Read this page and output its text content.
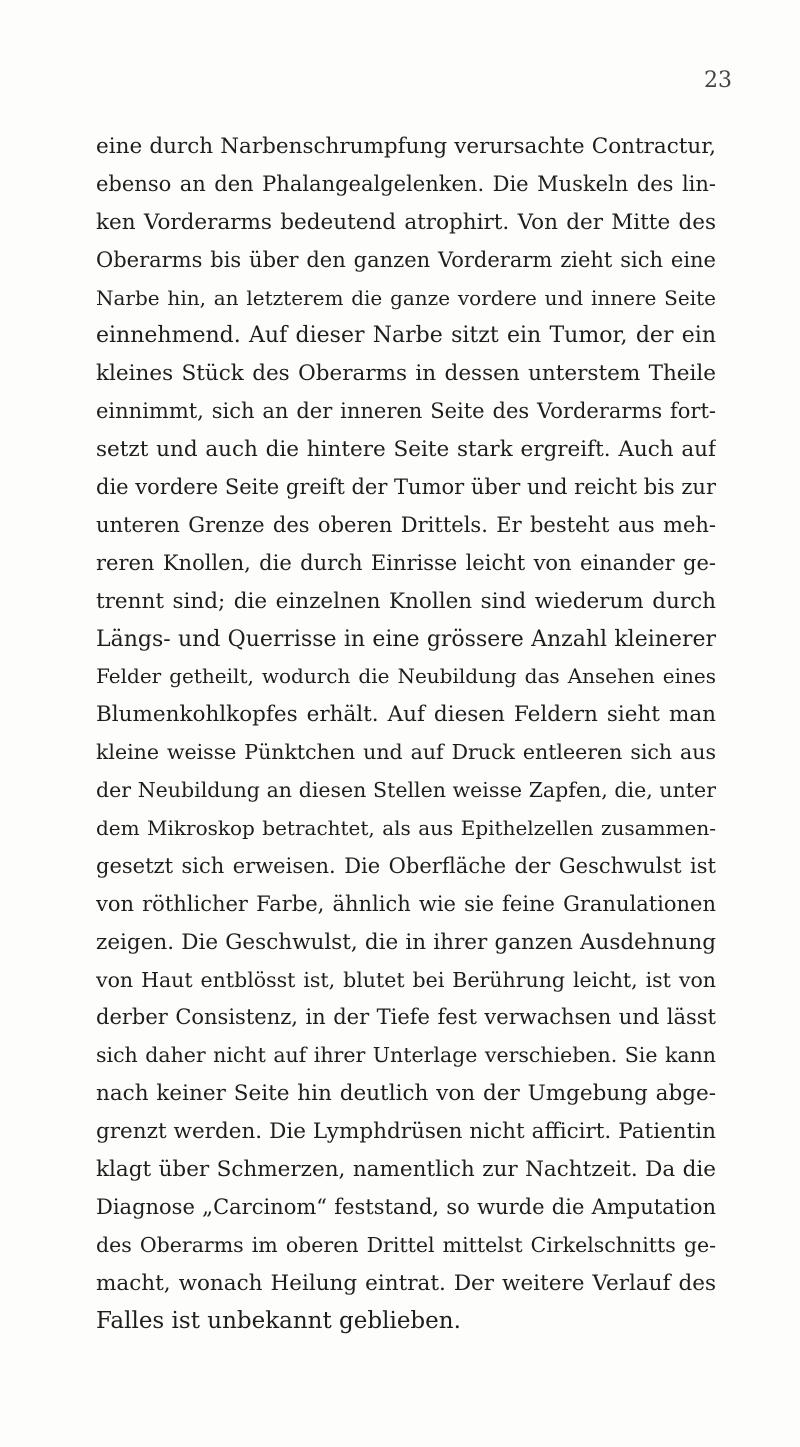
23
eine durch Narbenschrumpfung verursachte Contractur,
ebenso an den Phalangealgelenken. Die Muskeln des lin-
ken Vorderarms bedeutend atrophirt. Von der Mitte des
Oberarms bis über den ganzen Vorderarm zieht sich eine
Narbe hin, an letzterem die ganze vordere und innere Seite
einnehmend. Auf dieser Narbe sitzt ein Tumor, der ein
kleines Stück des Oberarms in dessen unterstem Theile
einnimmt, sich an der inneren Seite des Vorderarms fort-
setzt und auch die hintere Seite stark ergreift. Auch auf
die vordere Seite greift der Tumor über und reicht bis zur
unteren Grenze des oberen Drittels. Er besteht aus meh-
reren Knollen, die durch Einrisse leicht von einander ge-
trennt sind; die einzelnen Knollen sind wiederum durch
Längs- und Querrisse in eine grössere Anzahl kleinerer
Felder getheilt, wodurch die Neubildung das Ansehen eines
Blumenkohlkopfes erhält. Auf diesen Feldern sieht man
kleine weisse Pünktchen und auf Druck entleeren sich aus
der Neubildung an diesen Stellen weisse Zapfen, die, unter
dem Mikroskop betrachtet, als aus Epithelzellen zusammen-
gesetzt sich erweisen. Die Oberfläche der Geschwulst ist
von röthlicher Farbe, ähnlich wie sie feine Granulationen
zeigen. Die Geschwulst, die in ihrer ganzen Ausdehnung
von Haut entblösst ist, blutet bei Berührung leicht, ist von
derber Consistenz, in der Tiefe fest verwachsen und lässt
sich daher nicht auf ihrer Unterlage verschieben. Sie kann
nach keiner Seite hin deutlich von der Umgebung abge-
grenzt werden. Die Lymphdrüsen nicht afficirt. Patientin
klagt über Schmerzen, namentlich zur Nachtzeit. Da die
Diagnose „Carcinom“ feststand, so wurde die Amputation
des Oberarms im oberen Drittel mittelst Cirkelschnitts ge-
macht, wonach Heilung eintrat. Der weitere Verlauf des
Falles ist unbekannt geblieben.
